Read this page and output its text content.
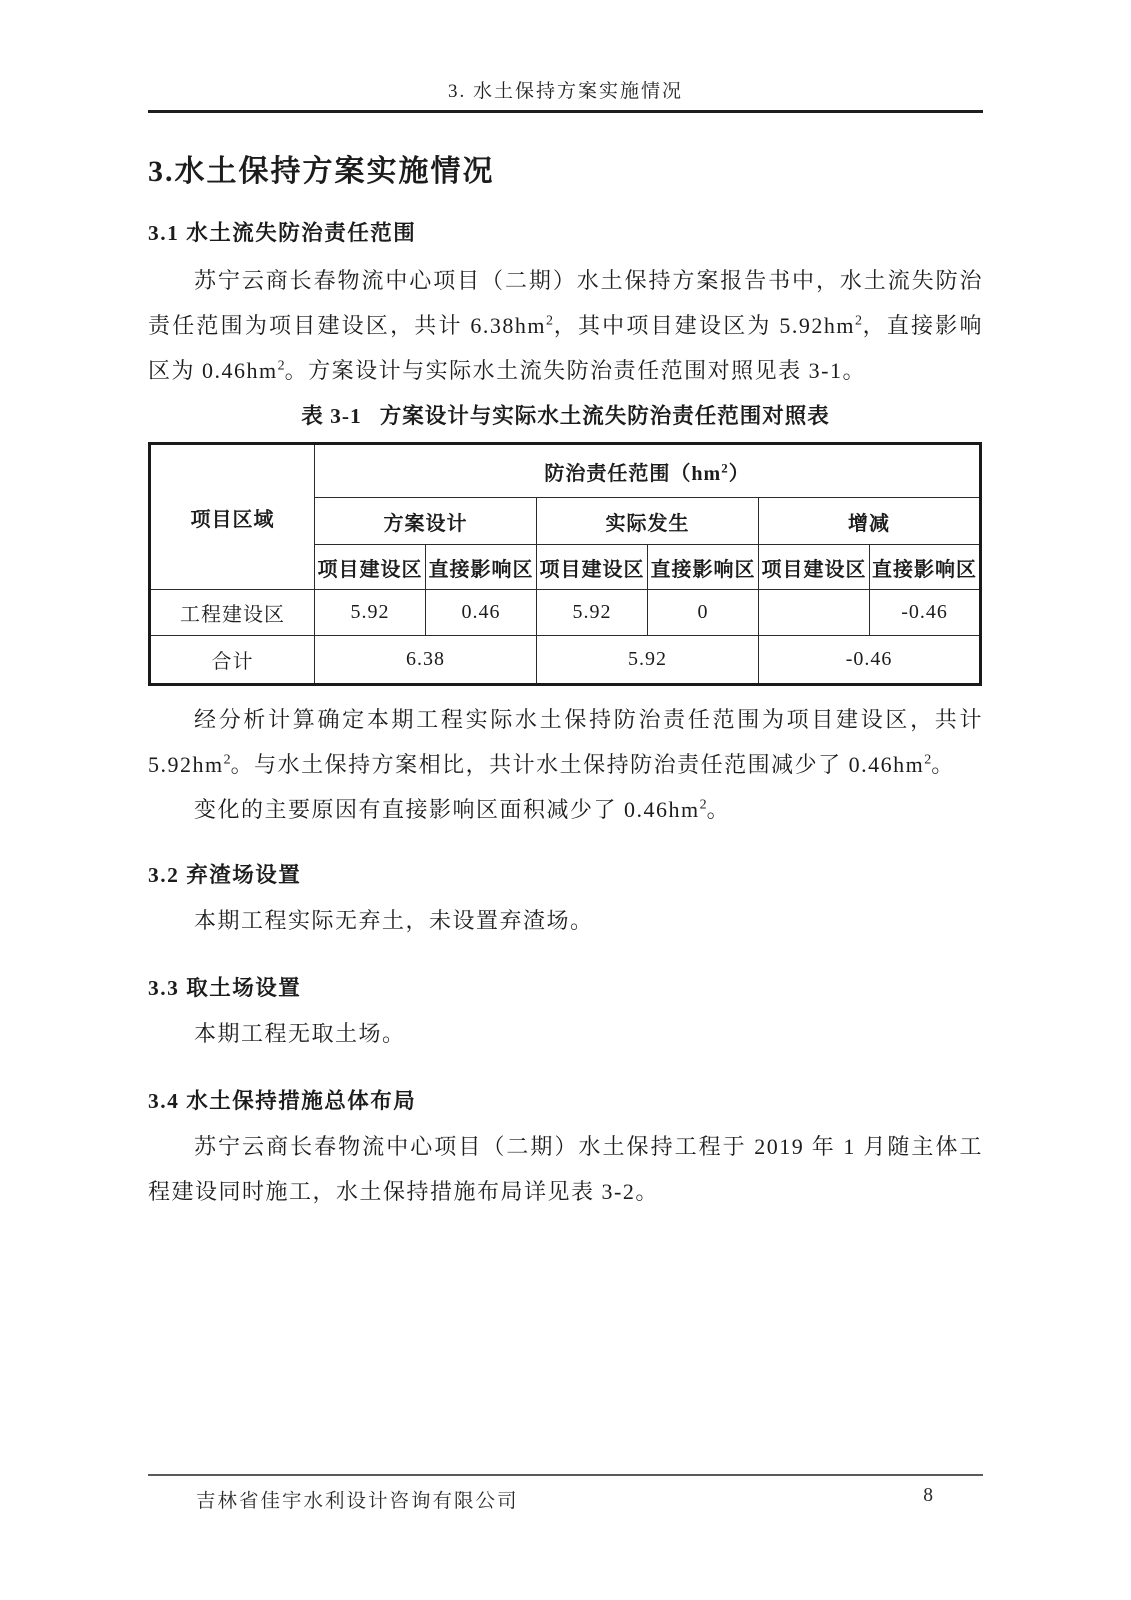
3. 水土保持方案实施情况
3.水土保持方案实施情况
3.1 水土流失防治责任范围

苏宁云商长春物流中心项目（二期）水土保持方案报告书中，水土流失防治责任范围为项目建设区，共计 $6.38hm^2$，其中项目建设区为 $5.92hm^2$，直接影响区为 $0.46hm^2$。方案设计与实际水土流失防治责任范围对照见表 3-1。

表 3-1 方案设计与实际水土流失防治责任范围对照表
项目区域	防治责任范围$(hm^2)$					
	方案设计		实际发生		增减	
	项目建设区	直接影响区	项目建设区	直接影响区	项目建设区	直接影响区
工程建设区	5.92	0.46	5.92	0		-0.46
合计	6.38		5.92		-0.46	

经分析计算确定本期工程实际水土保持防治责任范围为项目建设区，共计 $5.92hm^2$。与水土保持方案相比，共计水土保持防治责任范围减少了 $0.46hm^2$。

变化的主要原因有直接影响区面积减少了 $0.46hm^2$。

3.2 弃渣场设置

本期工程实际无弃土，未设置弃渣场。

3.3 取土场设置

本期工程无取土场。

3.4 水土保持措施总体布局

苏宁云商长春物流中心项目（二期）水土保持工程于 2019 年 1 月随主体工程建设同时施工，水土保持措施布局详见表 3-2。

吉林省佳宇水利设计咨询有限公司	8
